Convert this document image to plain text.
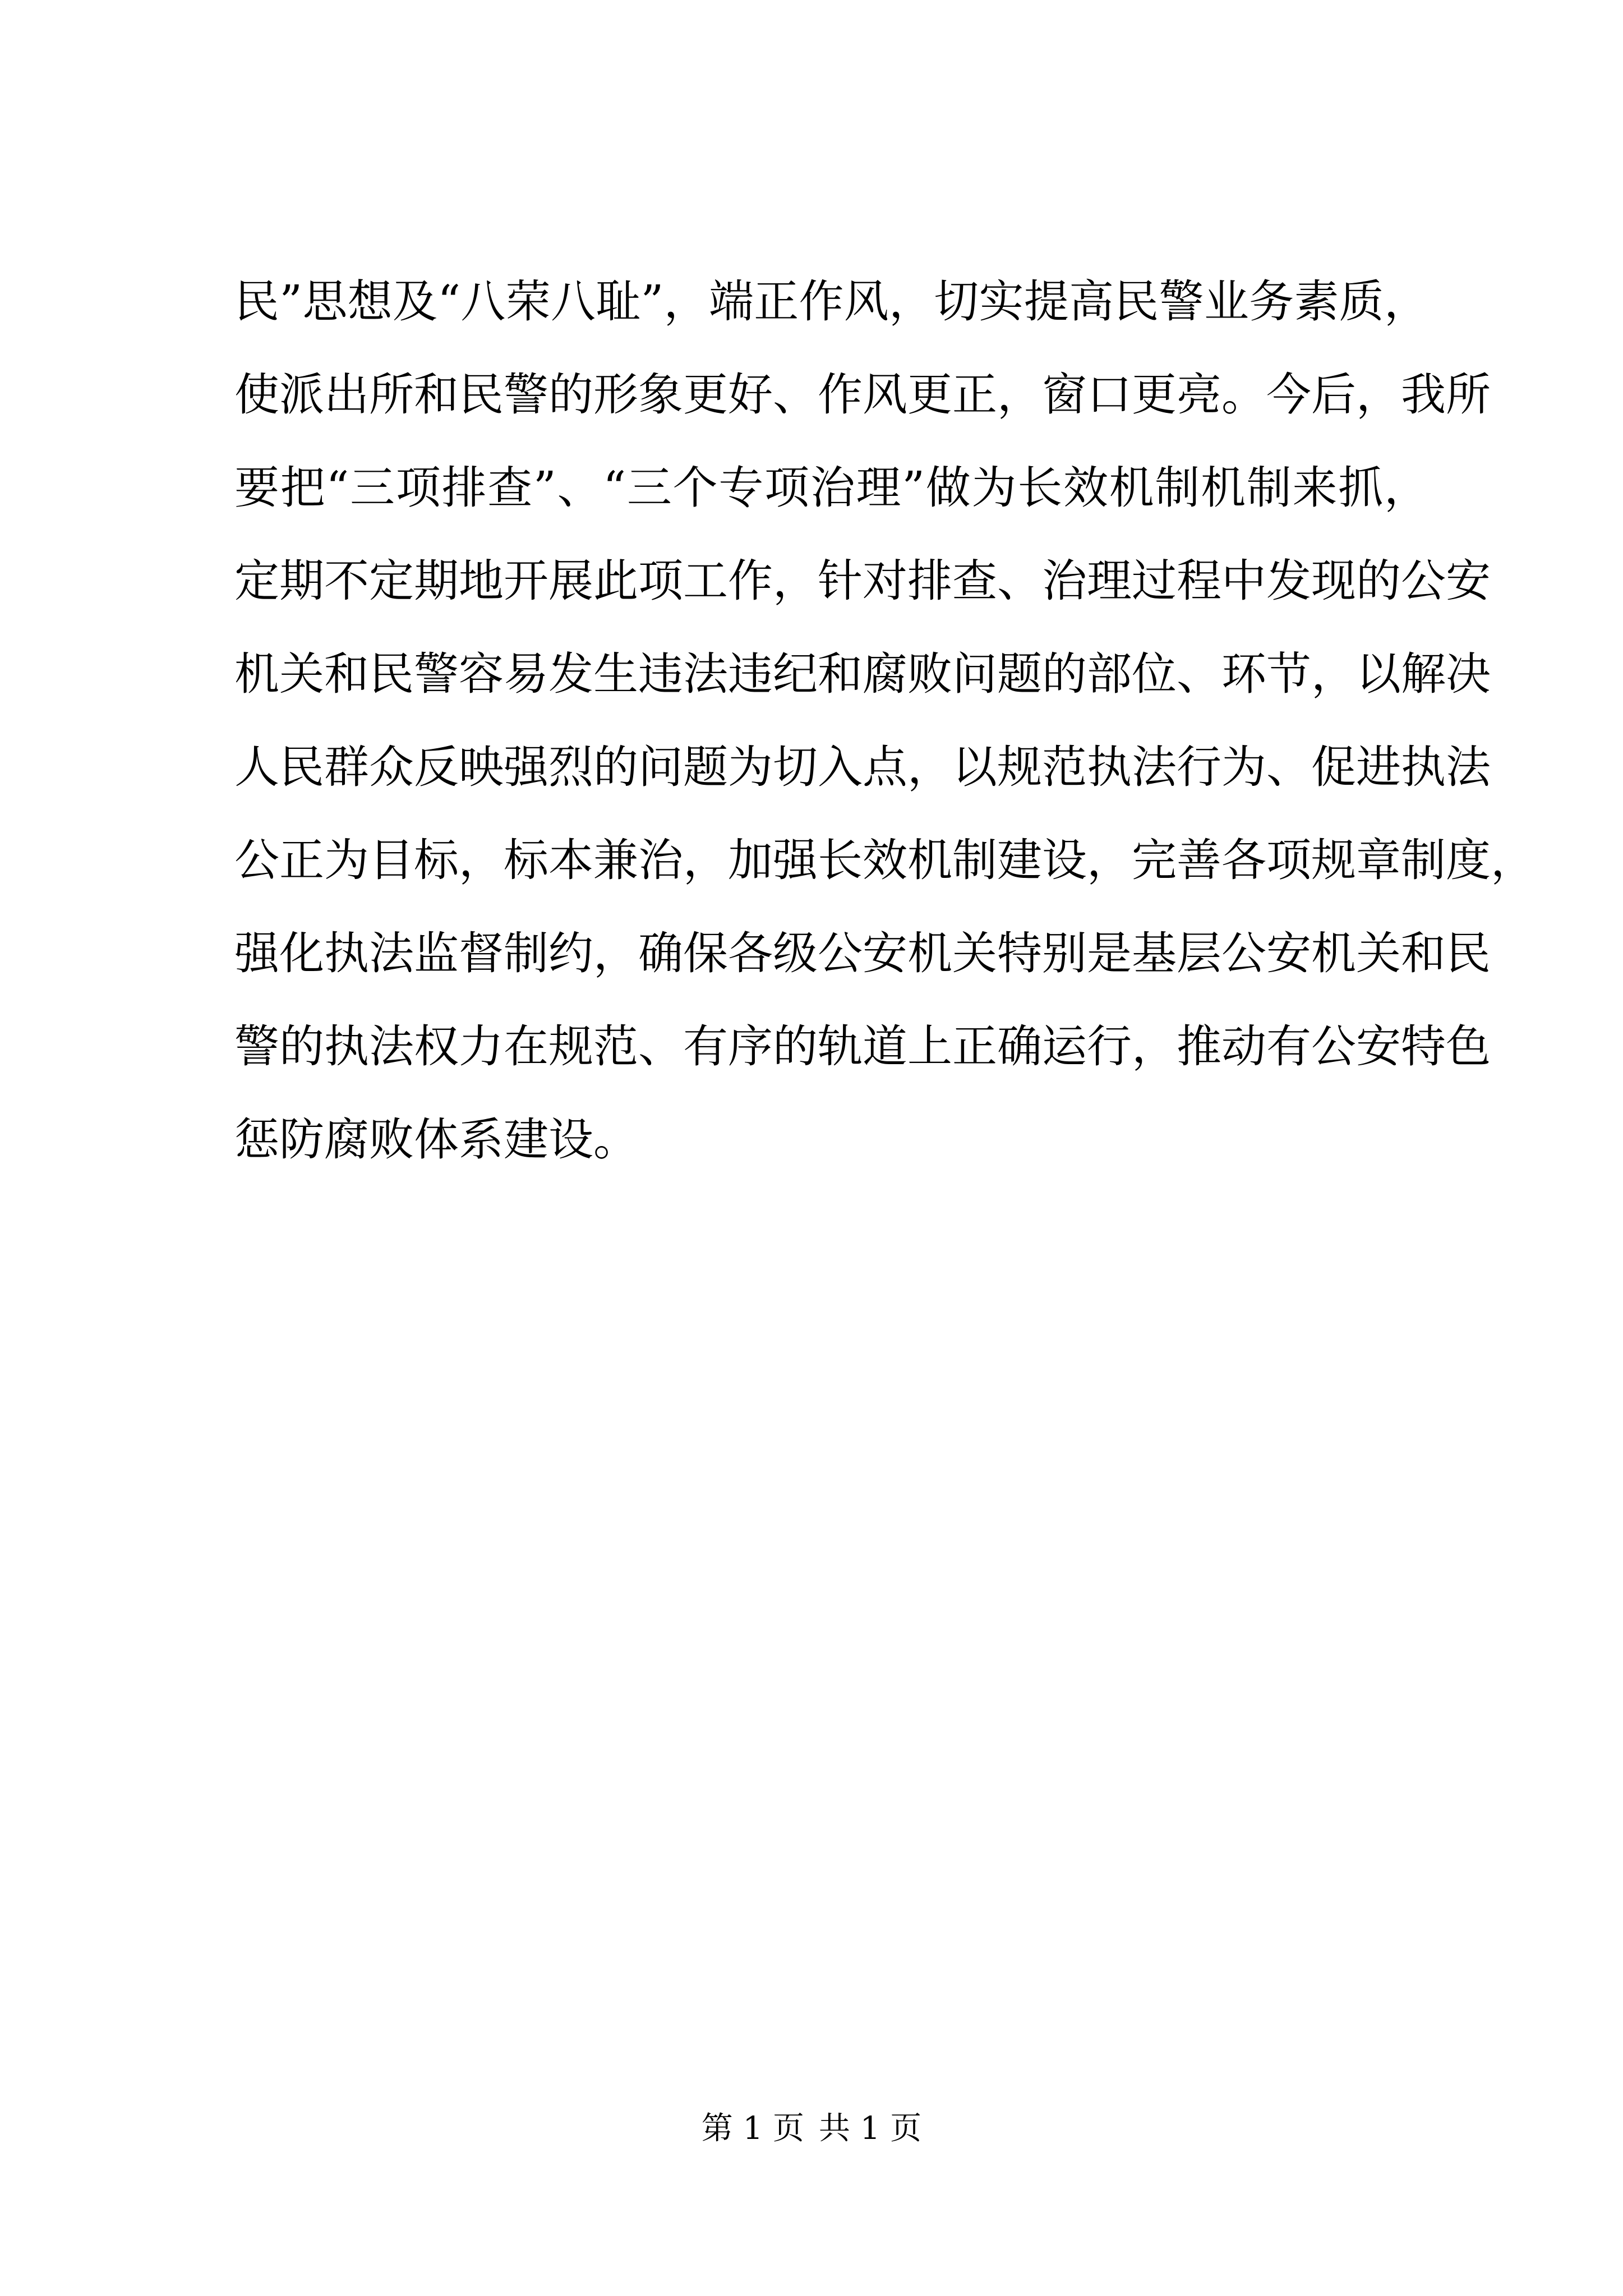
民”思想及“八荣八耻”，端正作风，切实提高民警业务素质，
使派出所和民警的形象更好、作风更正，窗口更亮。今后，我所
要把“三项排查”、“三个专项治理”做为长效机制机制来抓，
定期不定期地开展此项工作，针对排查、治理过程中发现的公安
机关和民警容易发生违法违纪和腐败问题的部位、环节，以解决
人民群众反映强烈的问题为切入点，以规范执法行为、促进执法
公正为目标，标本兼治，加强长效机制建设，完善各项规章制度，
强化执法监督制约，确保各级公安机关特别是基层公安机关和民
警的执法权力在规范、有序的轨道上正确运行，推动有公安特色
惩防腐败体系建设。
第 1 页 共 1 页
